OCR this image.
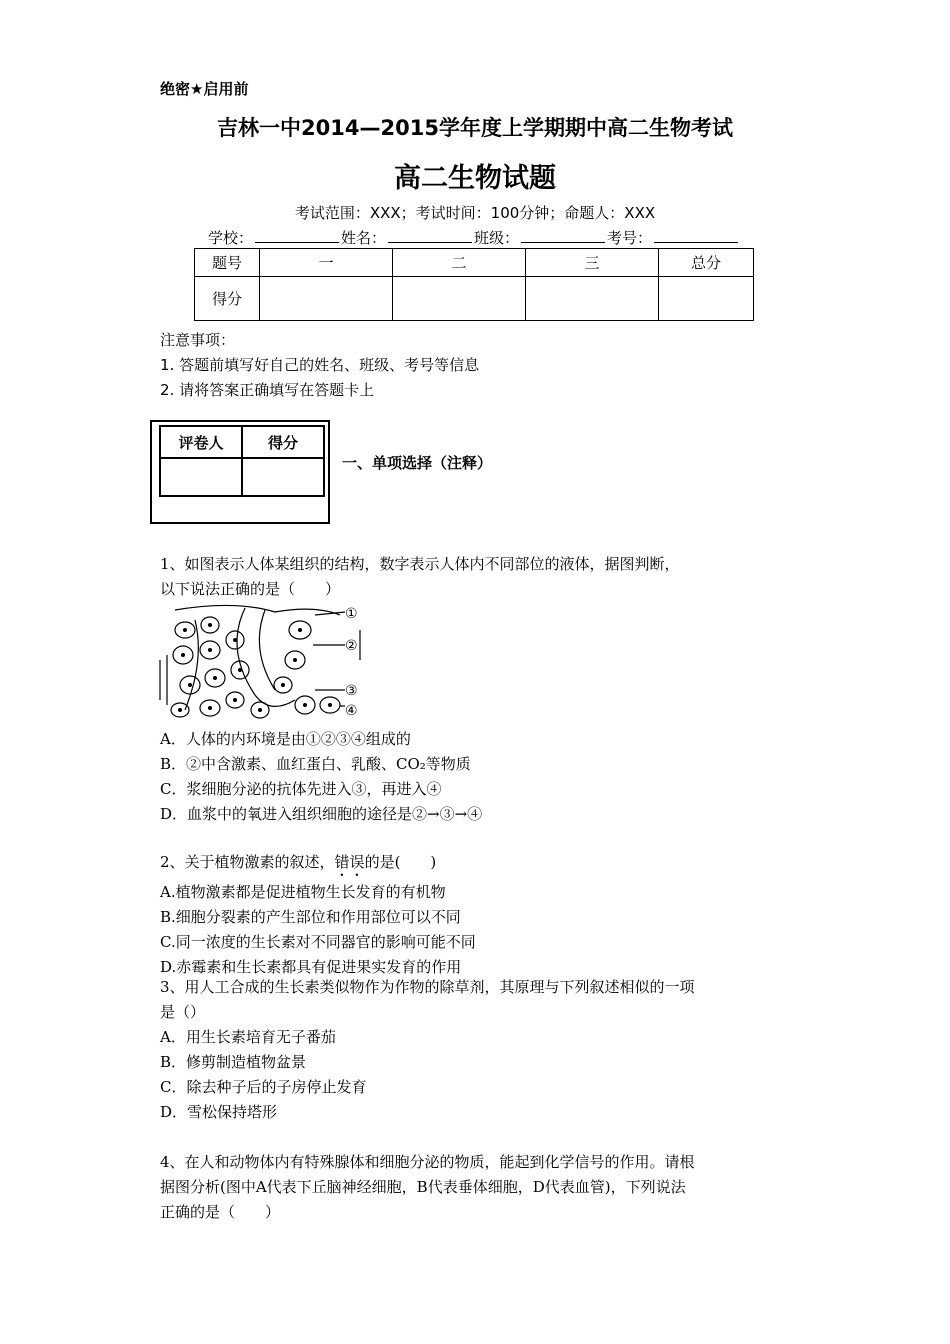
绝密★启用前
吉林一中2014—2015学年度上学期期中高二生物考试
高二生物试题
考试范围：XXX；考试时间：100分钟；命题人：XXX
学校：	姓名：	班级：	考号：
题号	一	二	三	总分
得分				
注意事项：
1. 答题前填写好自己的姓名、班级、考号等信息
2. 请将答案正确填写在答题卡上
评卷人	得分

一、单项选择（注释）
1、如图表示人体某组织的结构，数字表示人体内不同部位的液体，据图判断，
以下说法正确的是（　　）
①
②
③
④
A．人体的内环境是由①②③④组成的
B．②中含激素、血红蛋白、乳酸、CO₂等物质
C．浆细胞分泌的抗体先进入③，再进入④
D．血浆中的氧进入组织细胞的途径是②→③→④
2、关于植物激素的叙述，错误的是(　　)
A.植物激素都是促进植物生长发育的有机物
B.细胞分裂素的产生部位和作用部位可以不同
C.同一浓度的生长素对不同器官的影响可能不同
D.赤霉素和生长素都具有促进果实发育的作用
3、用人工合成的生长素类似物作为作物的除草剂，其原理与下列叙述相似的一项
是（）
A．用生长素培育无子番茄
B．修剪制造植物盆景
C．除去种子后的子房停止发育
D．雪松保持塔形
4、在人和动物体内有特殊腺体和细胞分泌的物质，能起到化学信号的作用。请根
据图分析(图中A代表下丘脑神经细胞，B代表垂体细胞，D代表血管)，下列说法
正确的是（　　）
